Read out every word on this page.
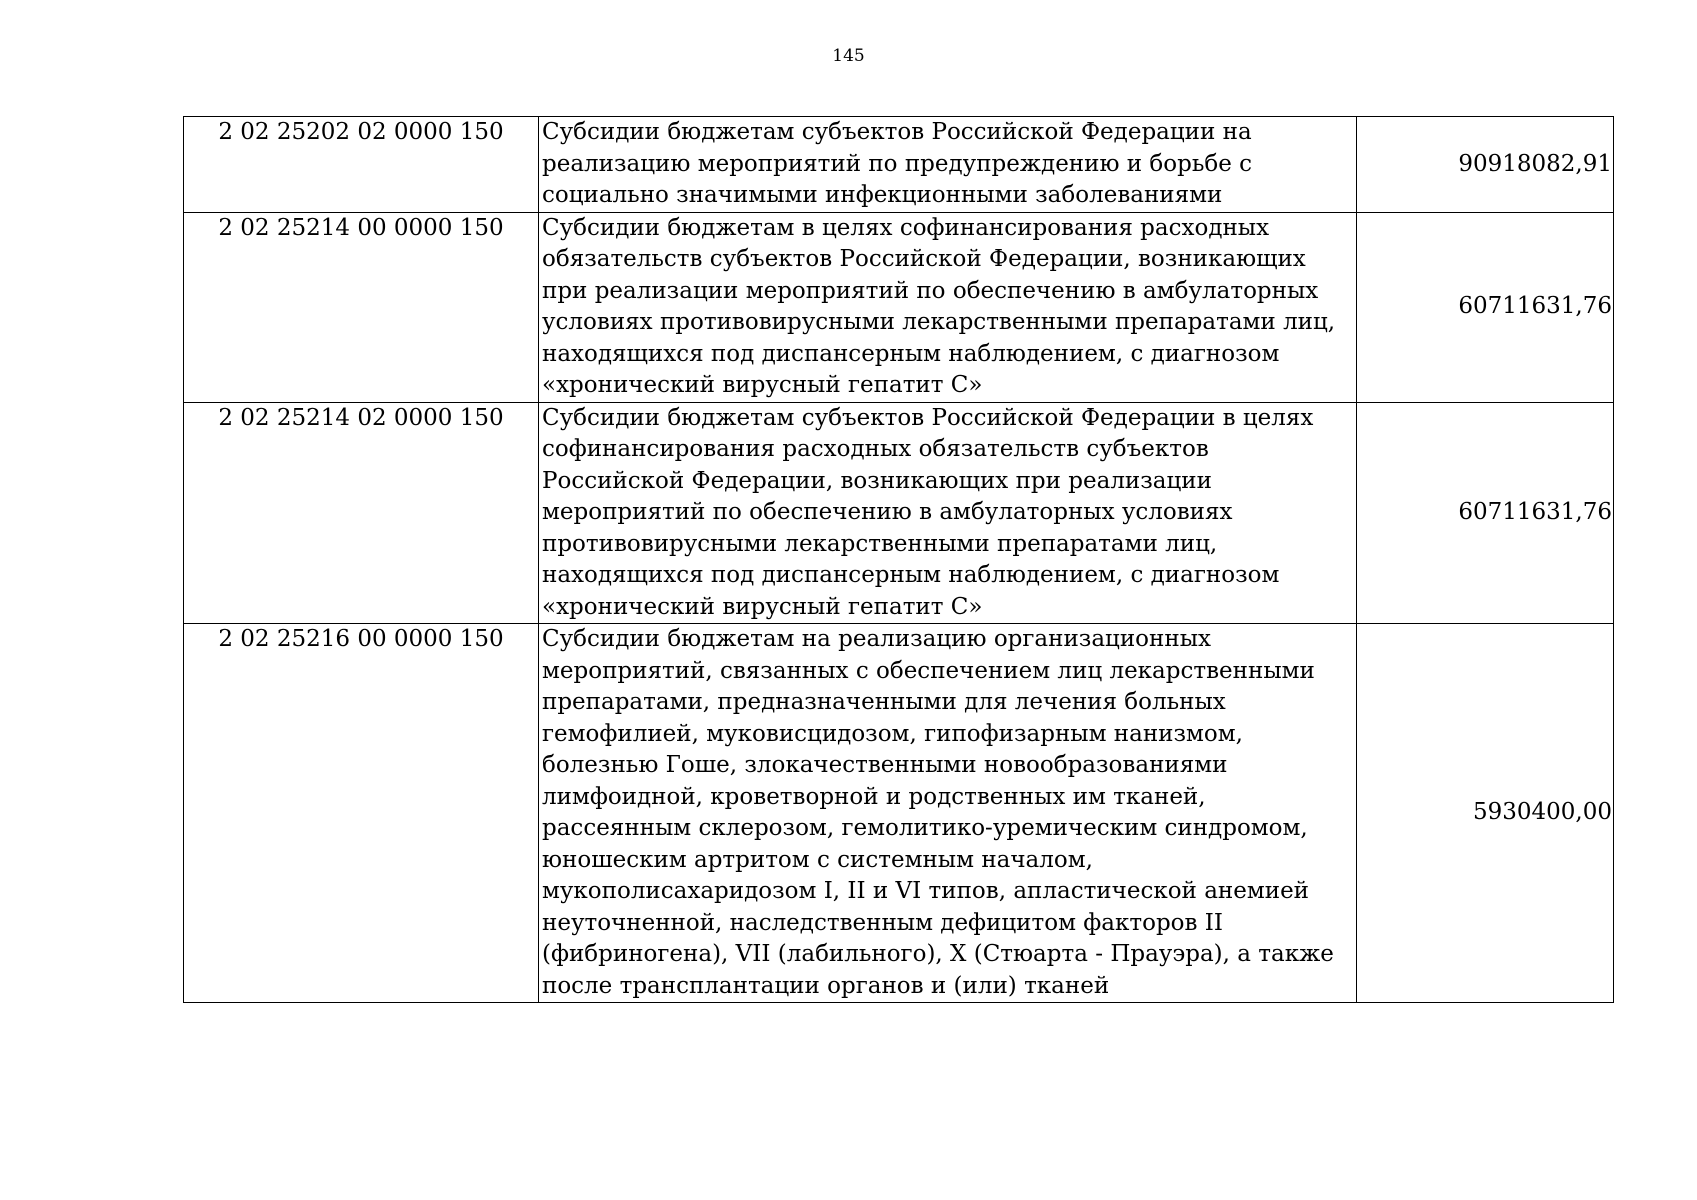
145
2 02 25202 02 0000 150	Субсидии бюджетам субъектов Российской Федерации на реализацию мероприятий по предупреждению и борьбе с социально значимыми инфекционными заболеваниями	90918082,91
2 02 25214 00 0000 150	Субсидии бюджетам в целях софинансирования расходных обязательств субъектов Российской Федерации, возникающих при реализации мероприятий по обеспечению в амбулаторных условиях противовирусными лекарственными препаратами лиц, находящихся под диспансерным наблюдением, с диагнозом «хронический вирусный гепатит С»	60711631,76
2 02 25214 02 0000 150	Субсидии бюджетам субъектов Российской Федерации в целях софинансирования расходных обязательств субъектов Российской Федерации, возникающих при реализации мероприятий по обеспечению в амбулаторных условиях противовирусными лекарственными препаратами лиц, находящихся под диспансерным наблюдением, с диагнозом «хронический вирусный гепатит С»	60711631,76
2 02 25216 00 0000 150	Субсидии бюджетам на реализацию организационных мероприятий, связанных с обеспечением лиц лекарственными препаратами, предназначенными для лечения больных гемофилией, муковисцидозом, гипофизарным нанизмом, болезнью Гоше, злокачественными новообразованиями лимфоидной, кроветворной и родственных им тканей, рассеянным склерозом, гемолитико-уремическим синдромом, юношеским артритом с системным началом, мукополисахаридозом I, II и VI типов, апластической анемией неуточненной, наследственным дефицитом факторов II (фибриногена), VII (лабильного), X (Стюарта - Прауэра), а также после трансплантации органов и (или) тканей	5930400,00
